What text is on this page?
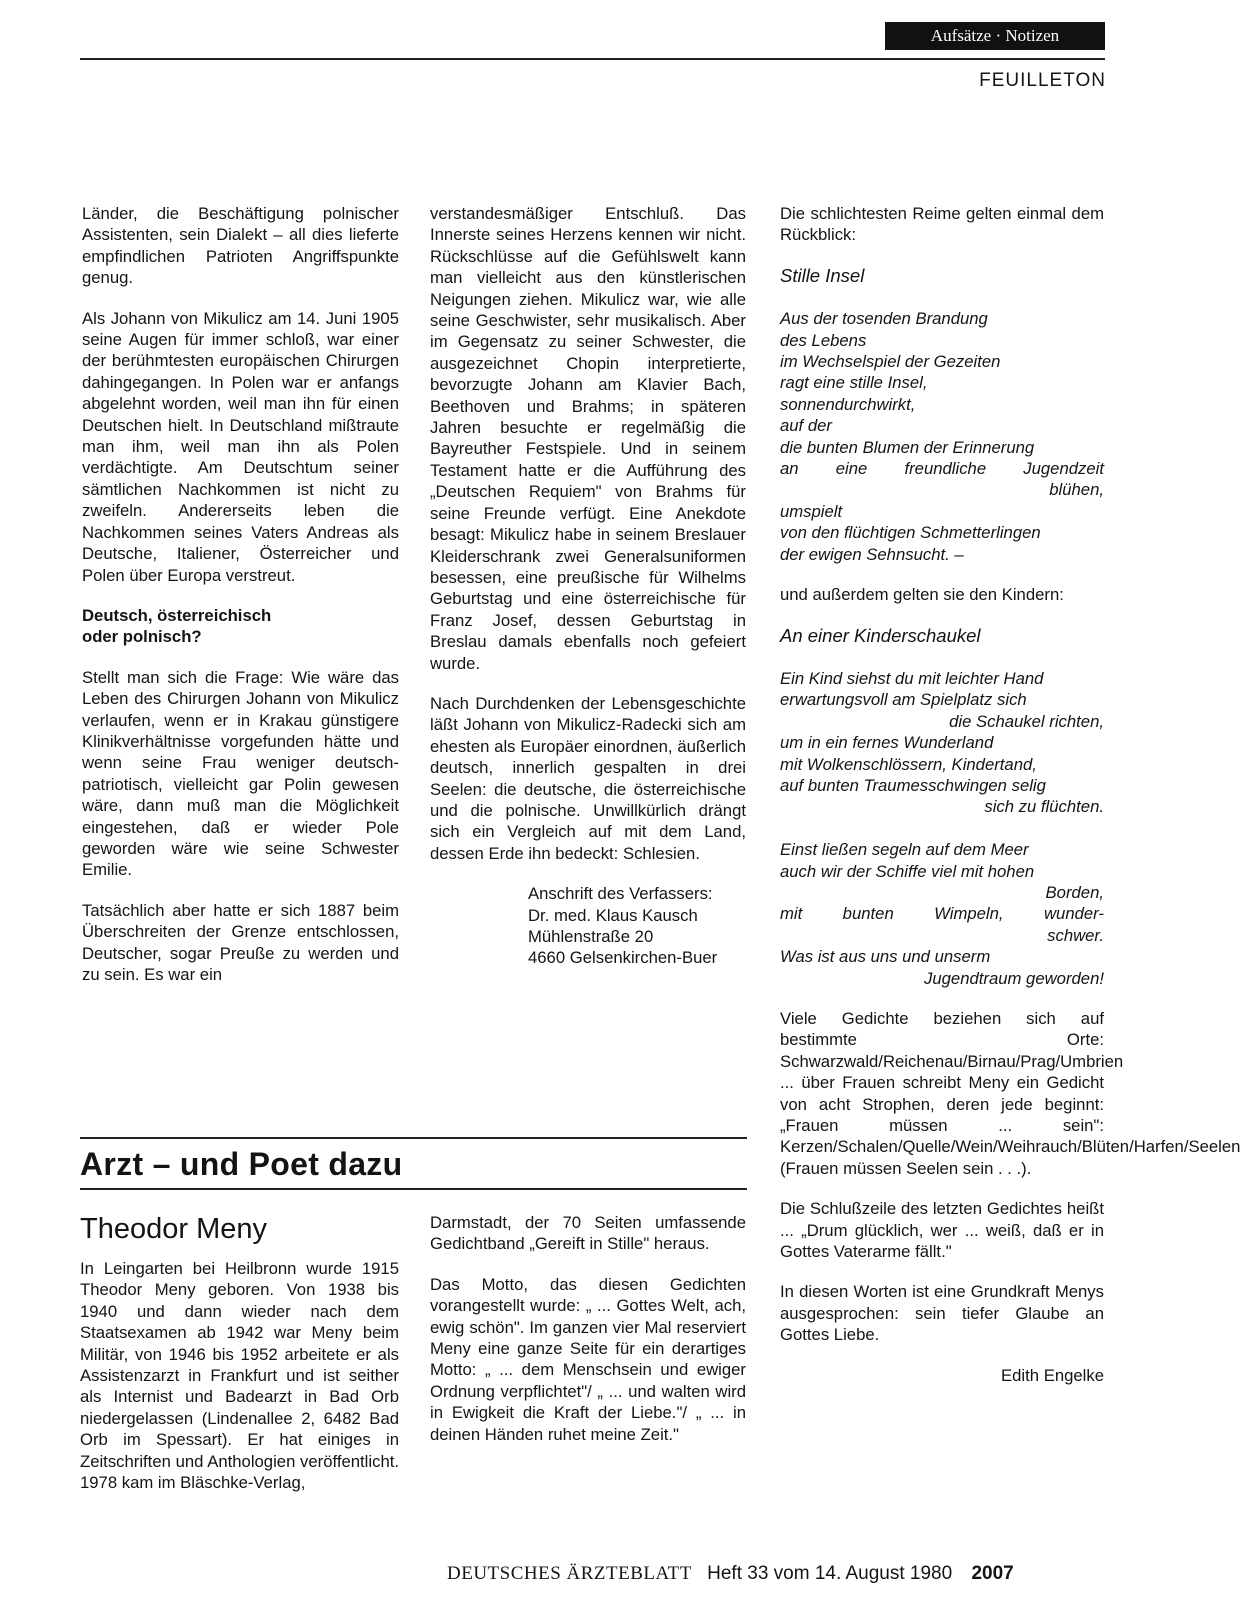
Aufsätze · Notizen
FEUILLETON

Länder, die Beschäftigung polnischer Assistenten, sein Dialekt – all dies lieferte empfindlichen Patrioten Angriffspunkte genug.

Als Johann von Mikulicz am 14. Juni 1905 seine Augen für immer schloß, war einer der berühmtesten europäischen Chirurgen dahingegangen. In Polen war er anfangs abgelehnt worden, weil man ihn für einen Deutschen hielt. In Deutschland mißtraute man ihm, weil man ihn als Polen verdächtigte. Am Deutschtum seiner sämtlichen Nachkommen ist nicht zu zweifeln. Andererseits leben die Nachkommen seines Vaters Andreas als Deutsche, Italiener, Österreicher und Polen über Europa verstreut.

Deutsch, österreichisch
oder polnisch?

Stellt man sich die Frage: Wie wäre das Leben des Chirurgen Johann von Mikulicz verlaufen, wenn er in Krakau günstigere Klinikverhältnisse vorgefunden hätte und wenn seine Frau weniger deutsch-patriotisch, vielleicht gar Polin gewesen wäre, dann muß man die Möglichkeit eingestehen, daß er wieder Pole geworden wäre wie seine Schwester Emilie.

Tatsächlich aber hatte er sich 1887 beim Überschreiten der Grenze entschlossen, Deutscher, sogar Preuße zu werden und zu sein. Es war ein

verstandesmäßiger Entschluß. Das Innerste seines Herzens kennen wir nicht. Rückschlüsse auf die Gefühlswelt kann man vielleicht aus den künstlerischen Neigungen ziehen. Mikulicz war, wie alle seine Geschwister, sehr musikalisch. Aber im Gegensatz zu seiner Schwester, die ausgezeichnet Chopin interpretierte, bevorzugte Johann am Klavier Bach, Beethoven und Brahms; in späteren Jahren besuchte er regelmäßig die Bayreuther Festspiele. Und in seinem Testament hatte er die Aufführung des „Deutschen Requiem" von Brahms für seine Freunde verfügt. Eine Anekdote besagt: Mikulicz habe in seinem Breslauer Kleiderschrank zwei Generalsuniformen besessen, eine preußische für Wilhelms Geburtstag und eine österreichische für Franz Josef, dessen Geburtstag in Breslau damals ebenfalls noch gefeiert wurde.

Nach Durchdenken der Lebensgeschichte läßt Johann von Mikulicz-Radecki sich am ehesten als Europäer einordnen, äußerlich deutsch, innerlich gespalten in drei Seelen: die deutsche, die österreichische und die polnische. Unwillkürlich drängt sich ein Vergleich auf mit dem Land, dessen Erde ihn bedeckt: Schlesien.

Anschrift des Verfassers:
Dr. med. Klaus Kausch
Mühlenstraße 20
4660 Gelsenkirchen-Buer

Die schlichtesten Reime gelten einmal dem Rückblick:

Stille Insel

Aus der tosenden Brandung
des Lebens
im Wechselspiel der Gezeiten
ragt eine stille Insel,
sonnendurchwirkt,
auf der
die bunten Blumen der Erinnerung
an eine freundliche Jugendzeit
blühen,
umspielt
von den flüchtigen Schmetterlingen
der ewigen Sehnsucht. –

und außerdem gelten sie den Kindern:

An einer Kinderschaukel

Ein Kind siehst du mit leichter Hand
erwartungsvoll am Spielplatz sich
die Schaukel richten,
um in ein fernes Wunderland
mit Wolkenschlössern, Kindertand,
auf bunten Traumesschwingen selig
sich zu flüchten.
Einst ließen segeln auf dem Meer
auch wir der Schiffe viel mit hohen
Borden,
mit bunten Wimpeln, wunder-
schwer.
Was ist aus uns und unserm
Jugendtraum geworden!

Viele Gedichte beziehen sich auf bestimmte Orte: Schwarzwald/Reichenau/Birnau/Prag/Umbrien ... über Frauen schreibt Meny ein Gedicht von acht Strophen, deren jede beginnt: „Frauen müssen ... sein": Kerzen/Schalen/Quelle/Wein/Weihrauch/Blüten/Harfen/Seelen (Frauen müssen Seelen sein . . .).

Die Schlußzeile des letzten Gedichtes heißt ... „Drum glücklich, wer ... weiß, daß er in Gottes Vaterarme fällt."

In diesen Worten ist eine Grundkraft Menys ausgesprochen: sein tiefer Glaube an Gottes Liebe.

Edith Engelke

Arzt – und Poet dazu
Theodor Meny

In Leingarten bei Heilbronn wurde 1915 Theodor Meny geboren. Von 1938 bis 1940 und dann wieder nach dem Staatsexamen ab 1942 war Meny beim Militär, von 1946 bis 1952 arbeitete er als Assistenzarzt in Frankfurt und ist seither als Internist und Badearzt in Bad Orb niedergelassen (Lindenallee 2, 6482 Bad Orb im Spessart). Er hat einiges in Zeitschriften und Anthologien veröffentlicht. 1978 kam im Bläschke-Verlag,

Darmstadt, der 70 Seiten umfassende Gedichtband „Gereift in Stille" heraus.

Das Motto, das diesen Gedichten vorangestellt wurde: „ ... Gottes Welt, ach, ewig schön". Im ganzen vier Mal reserviert Meny eine ganze Seite für ein derartiges Motto: „ ... dem Menschsein und ewiger Ordnung verpflichtet"/ „ ... und walten wird in Ewigkeit die Kraft der Liebe."/ „ ... in deinen Händen ruhet meine Zeit."

DEUTSCHES ÄRZTEBLATT Heft 33 vom 14. August 1980 2007
